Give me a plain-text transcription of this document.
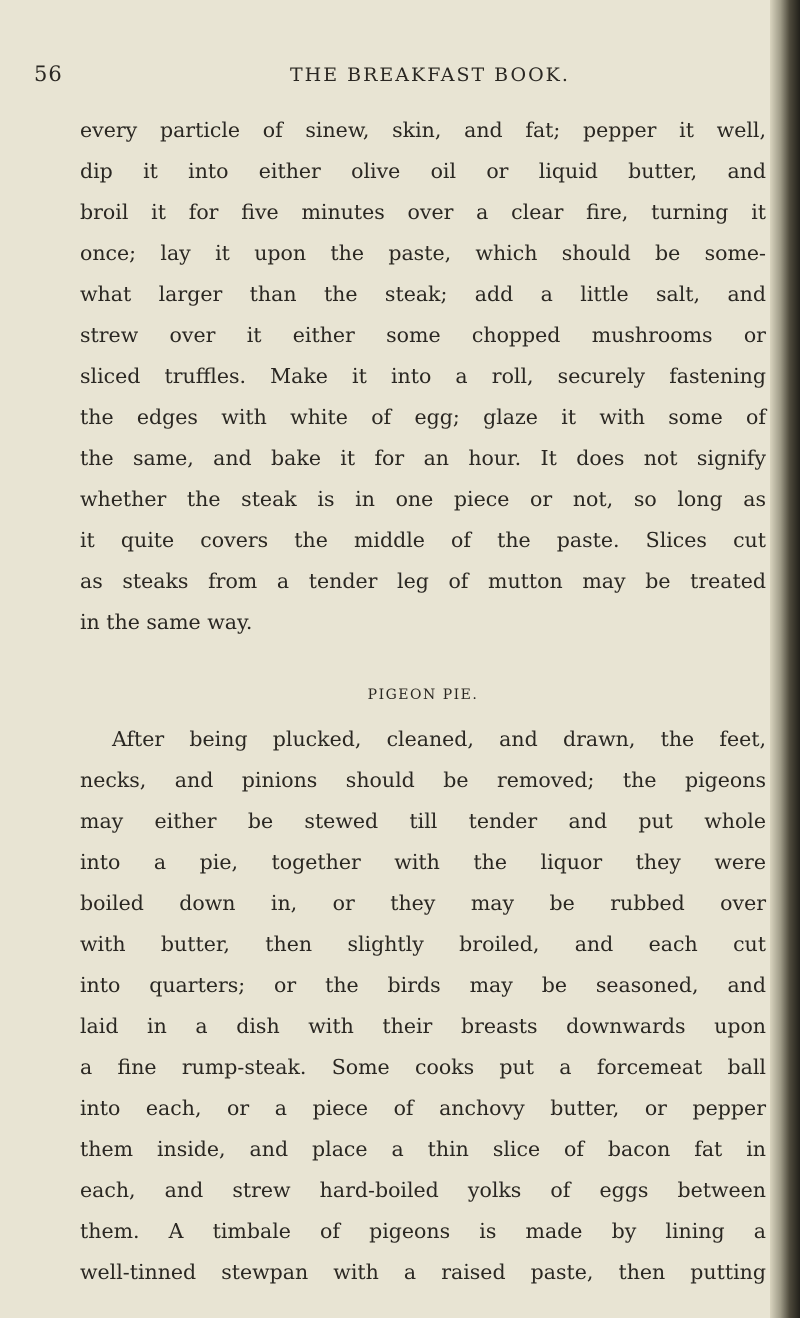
56	THE BREAKFAST BOOK.
every particle of sinew, skin, and fat; pepper it well,
dip it into either olive oil or liquid butter, and
broil it for five minutes over a clear fire, turning it
once; lay it upon the paste, which should be some-
what larger than the steak; add a little salt, and
strew over it either some chopped mushrooms or
sliced truffles. Make it into a roll, securely fastening
the edges with white of egg; glaze it with some of
the same, and bake it for an hour. It does not signify
whether the steak is in one piece or not, so long as
it quite covers the middle of the paste. Slices cut
as steaks from a tender leg of mutton may be treated
in the same way.
PIGEON PIE.
After being plucked, cleaned, and drawn, the feet,
necks, and pinions should be removed; the pigeons
may either be stewed till tender and put whole
into a pie, together with the liquor they were
boiled down in, or they may be rubbed over
with butter, then slightly broiled, and each cut
into quarters; or the birds may be seasoned, and
laid in a dish with their breasts downwards upon
a fine rump-steak. Some cooks put a forcemeat ball
into each, or a piece of anchovy butter, or pepper
them inside, and place a thin slice of bacon fat in
each, and strew hard-boiled yolks of eggs between
them. A timbale of pigeons is made by lining a
well-tinned stewpan with a raised paste, then putting
